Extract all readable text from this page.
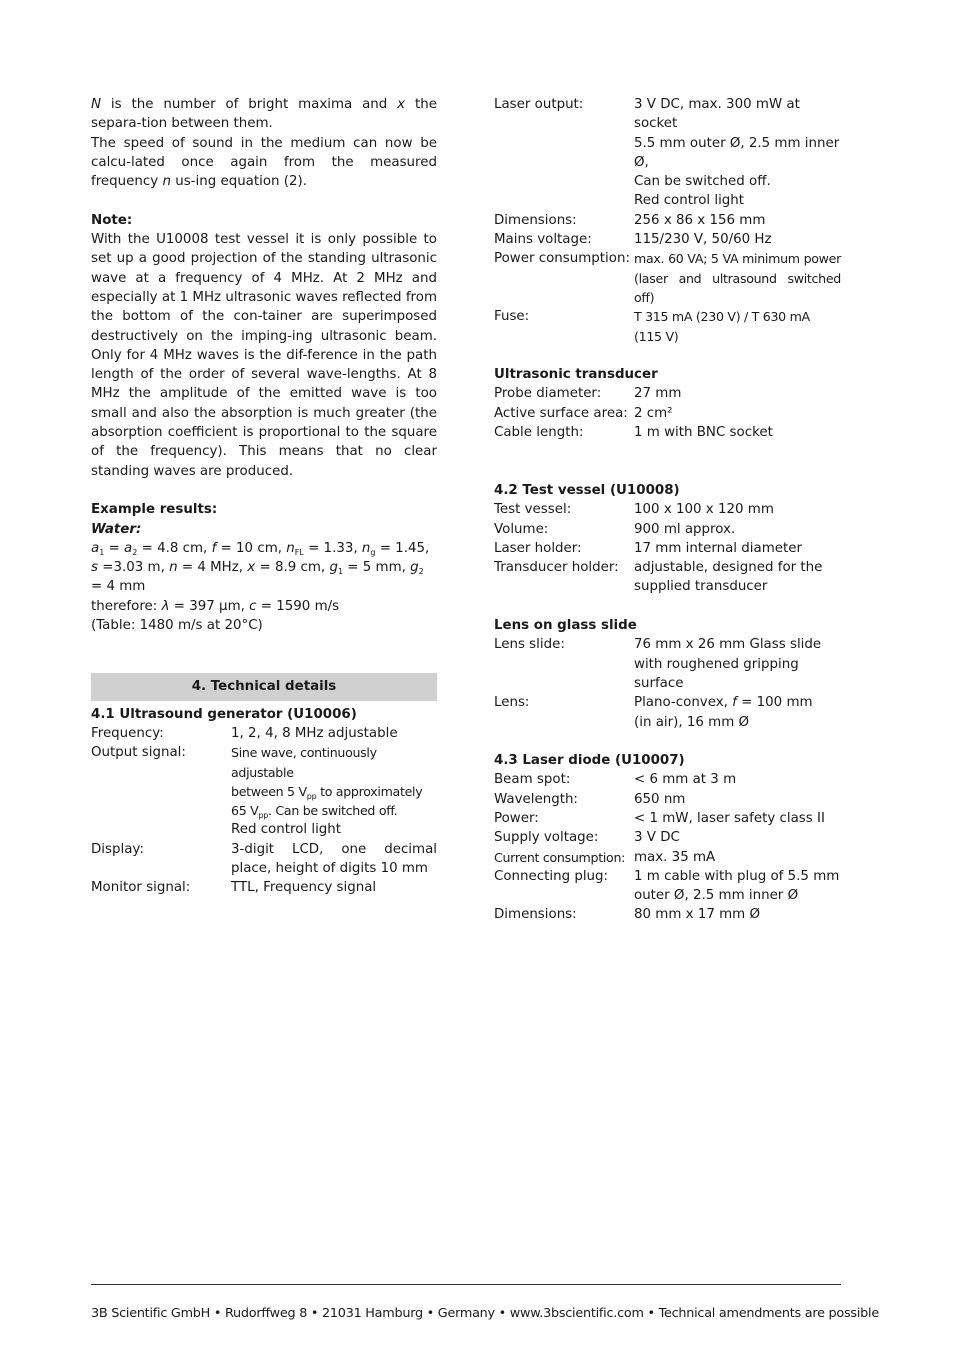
N is the number of bright maxima and x the separa-tion between them.

The speed of sound in the medium can now be calcu-lated once again from the measured frequency n us-ing equation (2).

Note:

With the U10008 test vessel it is only possible to set up a good projection of the standing ultrasonic wave at a frequency of 4 MHz. At 2 MHz and especially at 1 MHz ultrasonic waves reflected from the bottom of the con-tainer are superimposed destructively on the imping-ing ultrasonic beam. Only for 4 MHz waves is the dif-ference in the path length of the order of several wave-lengths. At 8 MHz the amplitude of the emitted wave is too small and also the absorption is much greater (the absorption coefficient is proportional to the square of the frequency). This means that no clear standing waves are produced.

Example results:

Water:

$a_1 = a_2 = 4.8$ cm, f = 10 cm, $n_{FL} = 1.33$, $n_g = 1.45$,

s =3.03 m, n = 4 MHz, x = 8.9 cm, $g_1 = 5$ mm, $g_2 = 4$ mm

therefore: λ = 397 µm, c = 1590 m/s

(Table: 1480 m/s at 20°C)

4. Technical details

4.1 Ultrasound generator (U10006)

Frequency:	1, 2, 4, 8 MHz adjustable
Output signal:	Sine wave, continuously adjustable
between 5 $V_{pp}$ to approximately
65 $V_{pp}$. Can be switched off.
Red control light
Display:	3-digit LCD, one decimal place, height of digits 10 mm
Monitor signal:	TTL, Frequency signal
Laser output:	3 V DC, max. 300 mW at socket
5.5 mm outer Ø, 2.5 mm inner Ø,
Can be switched off.
Red control light
Dimensions:	256 x 86 x 156 mm
Mains voltage:	115/230 V, 50/60 Hz
Power consumption: max. 60 VA; 5 VA minimum power (laser and ultrasound switched off)
Fuse:	T 315 mA (230 V) / T 630 mA (115 V)

Ultrasonic transducer

Probe diameter:	27 mm
Active surface area: 2 cm²
Cable length:	1 m with BNC socket

4.2 Test vessel (U10008)

Test vessel:	100 x 100 x 120 mm
Volume:	900 ml approx.
Laser holder:	17 mm internal diameter
Transducer holder:	adjustable, designed for the supplied transducer

Lens on glass slide

Lens slide:	76 mm x 26 mm Glass slide with roughened gripping surface
Lens:	Plano-convex, f = 100 mm
(in air), 16 mm Ø

4.3 Laser diode (U10007)

Beam spot:	< 6 mm at 3 m
Wavelength:	650 nm
Power:	< 1 mW, laser safety class II
Supply voltage:	3 V DC
Current consumption: max. 35 mA
Connecting plug:	1 m cable with plug of 5.5 mm outer Ø, 2.5 mm inner Ø
Dimensions:	80 mm x 17 mm Ø
3B Scientific GmbH • Rudorffweg 8 • 21031 Hamburg • Germany • www.3bscientific.com • Technical amendments are possible
